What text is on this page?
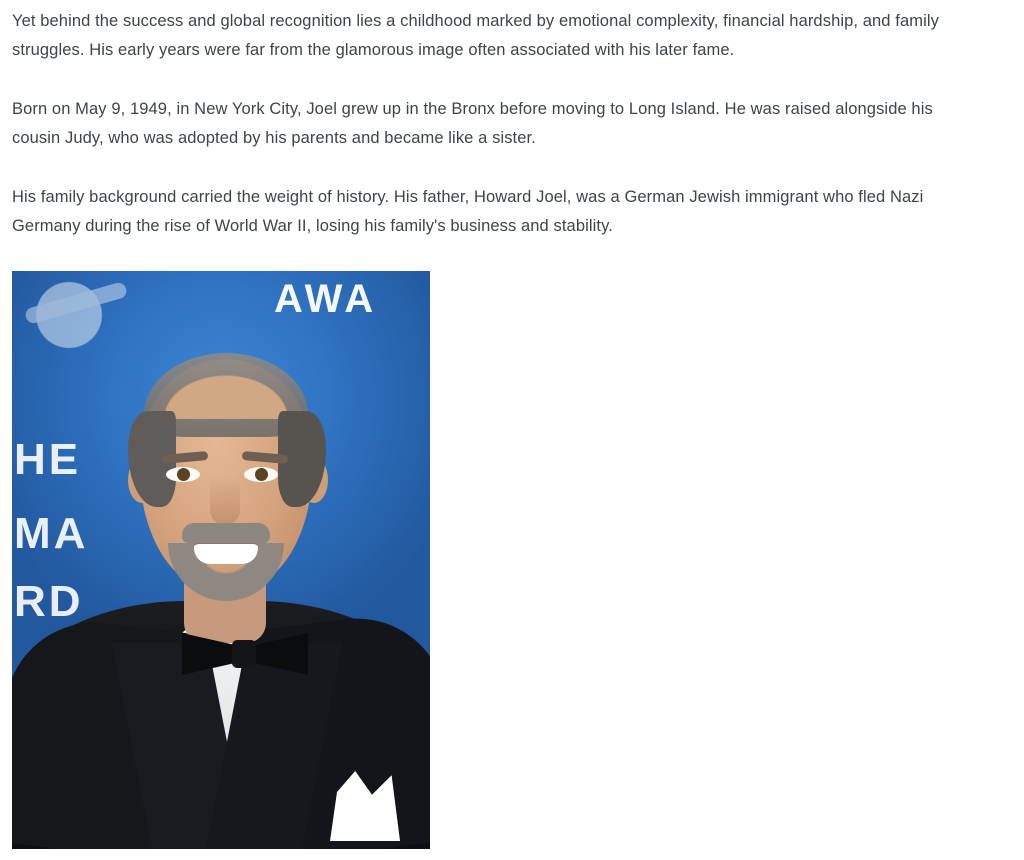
Yet behind the success and global recognition lies a childhood marked by emotional complexity, financial hardship, and family struggles. His early years were far from the glamorous image often associated with his later fame.

Born on May 9, 1949, in New York City, Joel grew up in the Bronx before moving to Long Island. He was raised alongside his cousin Judy, who was adopted by his parents and became like a sister.

His family background carried the weight of history. His father, Howard Joel, was a German Jewish immigrant who fled Nazi Germany during the rise of World War II, losing his family's business and stability.

AWA
HE
MA
RD
